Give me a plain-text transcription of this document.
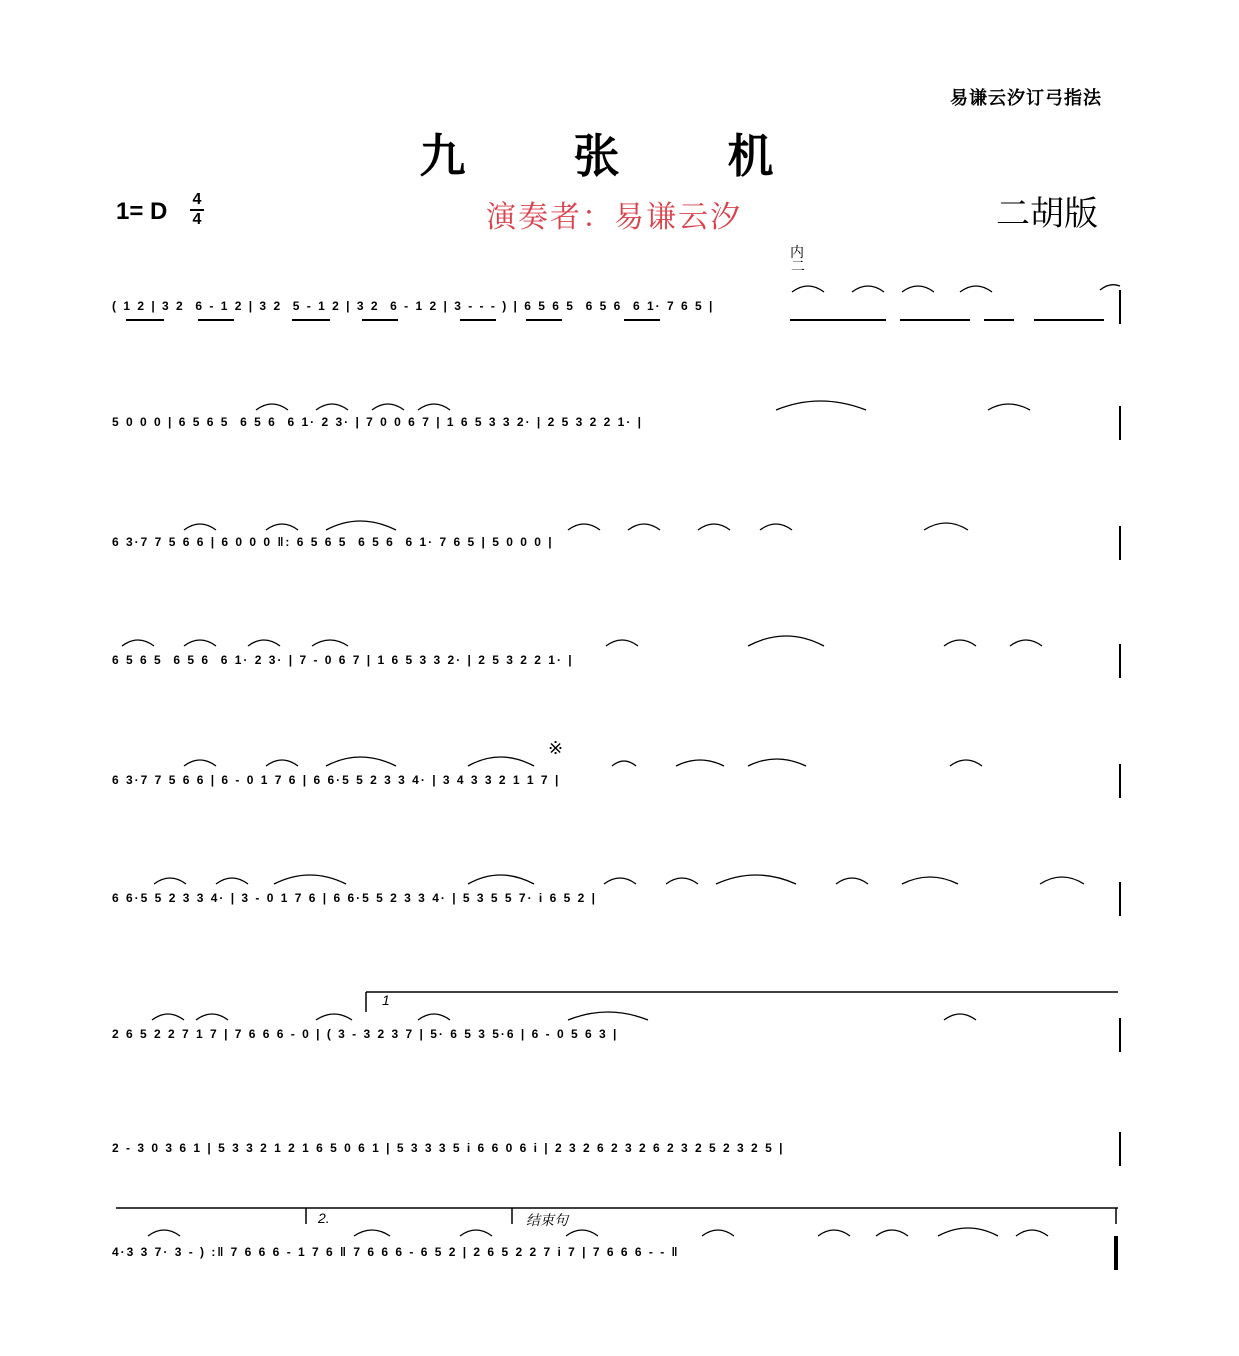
易谦云汐订弓指法
九 张 机
1= D 4
4	演奏者：易谦云汐	二胡版
内
二
※
1
2.	结束句
( 1 2 | 3 2  6 - 1 2 | 3 2  5 - 1 2 | 3 2  6 - 1 2 | 3 - - - ) | 6 5 6 5  6 5 6  6 1· 7 6 5 |
5 0 0 0 | 6 5 6 5  6 5 6  6 1· 2 3· | 7 0 0 6 7 | 1 6 5 3 3 2· | 2 5 3 2 2 1· |
6 3·7 7 5 6 6 | 6 0 0 0 ‖: 6 5 6 5  6 5 6  6 1· 7 6 5 | 5 0 0 0 |
6 5 6 5  6 5 6  6 1· 2 3· | 7 - 0 6 7 | 1 6 5 3 3 2· | 2 5 3 2 2 1· |
6 3·7 7 5 6 6 | 6 - 0 1 7 6 | 6 6·5 5 2 3 3 4· | 3 4 3 3 2 1 1 7 |
6 6·5 5 2 3 3 4· | 3 - 0 1 7 6 | 6 6·5 5 2 3 3 4· | 5 3 5 5 7· i 6 5 2 |
2 6 5 2 2 7 1 7 | 7 6 6 6 - 0 | ( 3 - 3 2 3 7 | 5· 6 5 3 5·6 | 6 - 0 5 6 3 |
2 - 3 0 3 6 1 | 5 3 3 2 1 2 1 6 5 0 6 1 | 5 3 3 3 5 i 6 6 0 6 i | 2 3 2 6 2 3 2 6 2 3 2 5 2 3 2 5 |
4·3 3 7· 3 - ) :‖ 7 6 6 6 - 1 7 6 ‖ 7 6 6 6 - 6 5 2 | 2 6 5 2 2 7 i 7 | 7 6 6 6 - - ‖
